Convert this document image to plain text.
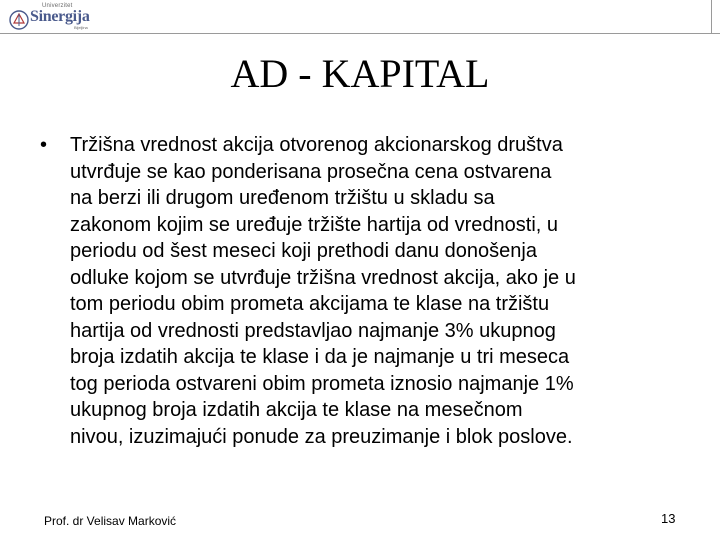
Univerzitet
Sinergija
Bijeljina
AD - KAPITAL
• Tržišna vrednost akcija otvorenog akcionarskog društva
utvrđuje se kao ponderisana prosečna cena ostvarena
na berzi ili drugom uređenom tržištu u skladu sa
zakonom kojim se uređuje tržište hartija od vrednosti, u
periodu od šest meseci koji prethodi danu donošenja
odluke kojom se utvrđuje tržišna vrednost akcija, ako je u
tom periodu obim prometa akcijama te klase na tržištu
hartija od vrednosti predstavljao najmanje 3% ukupnog
broja izdatih akcija te klase i da je najmanje u tri meseca
tog perioda ostvareni obim prometa iznosio najmanje 1%
ukupnog broja izdatih akcija te klase na mesečnom
nivou, izuzimajući ponude za preuzimanje i blok poslove.

Prof. dr Velisav Marković	13
